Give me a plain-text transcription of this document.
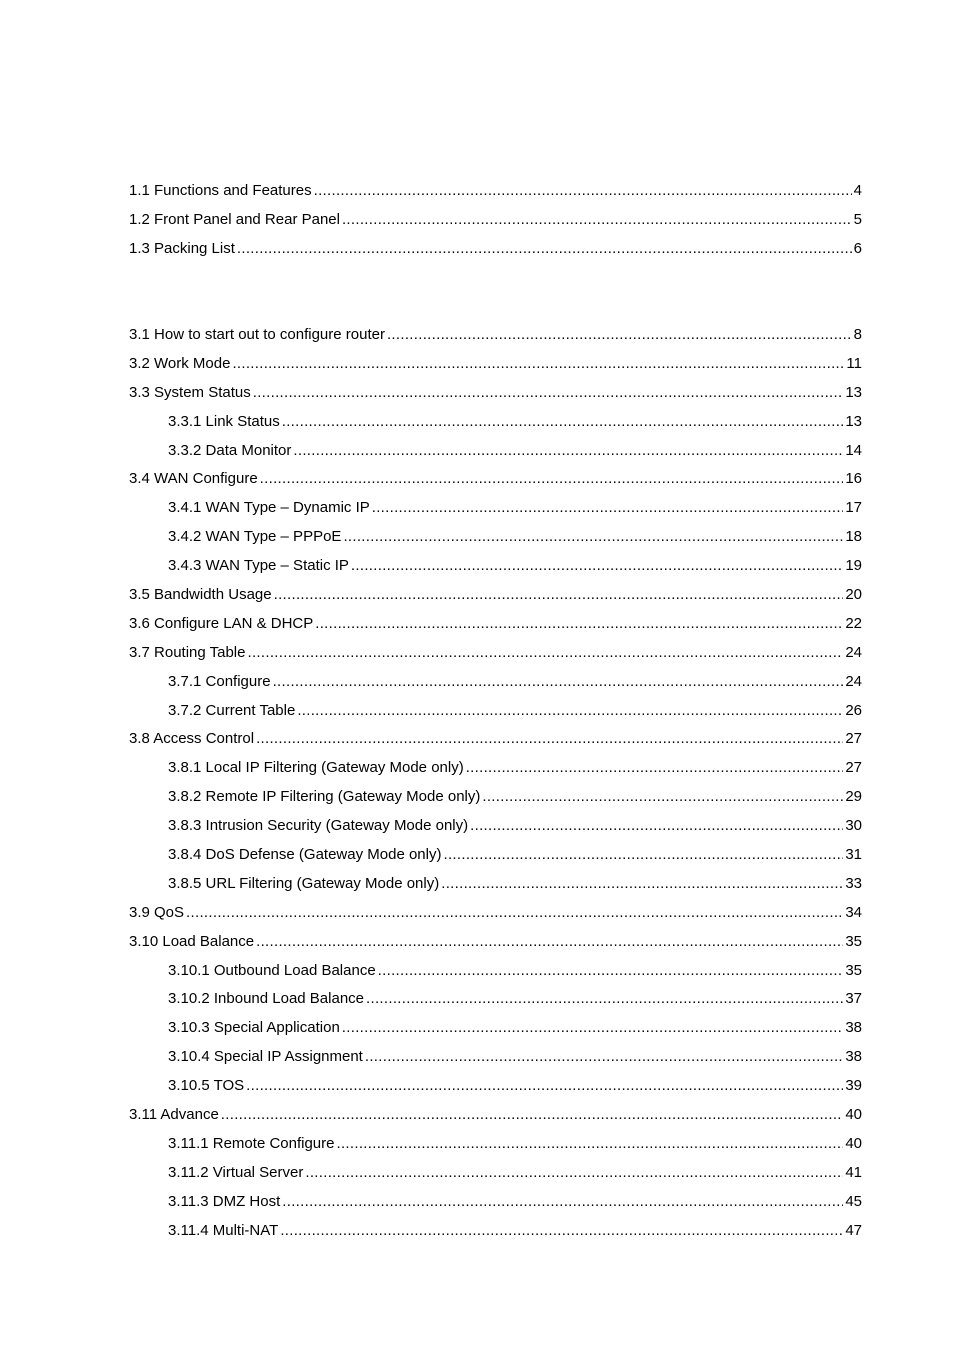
1.1 Functions and Features .....	4
1.2 Front Panel and Rear Panel .....	5
1.3 Packing List .....	6
3.1 How to start out to configure router .....	8
3.2 Work Mode .....	11
3.3 System Status .....	13
3.3.1 Link Status .....	13
3.3.2 Data Monitor .....	14
3.4 WAN Configure .....	16
3.4.1 WAN Type – Dynamic IP .....	17
3.4.2 WAN Type – PPPoE .....	18
3.4.3 WAN Type – Static IP .....	19
3.5 Bandwidth Usage .....	20
3.6 Configure LAN & DHCP .....	22
3.7 Routing Table .....	24
3.7.1 Configure .....	24
3.7.2 Current Table .....	26
3.8 Access Control .....	27
3.8.1 Local IP Filtering (Gateway Mode only) .....	27
3.8.2 Remote IP Filtering (Gateway Mode only) .....	29
3.8.3 Intrusion Security (Gateway Mode only) .....	30
3.8.4 DoS Defense (Gateway Mode only) .....	31
3.8.5 URL Filtering (Gateway Mode only) .....	33
3.9 QoS .....	34
3.10 Load Balance .....	35
3.10.1 Outbound Load Balance .....	35
3.10.2 Inbound Load Balance .....	37
3.10.3 Special Application .....	38
3.10.4 Special IP Assignment .....	38
3.10.5 TOS .....	39
3.11 Advance .....	40
3.11.1 Remote Configure .....	40
3.11.2 Virtual Server .....	41
3.11.3 DMZ Host .....	45
3.11.4 Multi-NAT .....	47
